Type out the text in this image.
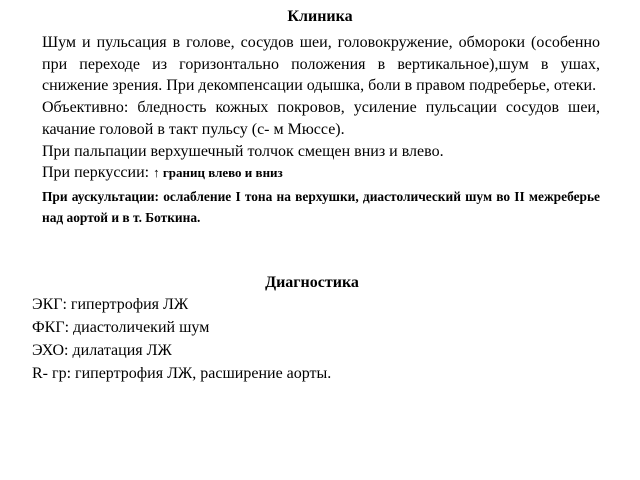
Клиника

Шум и пульсация в голове, сосудов шеи, головокружение, обмороки (особенно при переходе из горизонтально положения в вертикальное),шум в ушах, снижение зрения. При декомпенсации одышка, боли в правом подреберье, отеки.

Объективно: бледность кожных покровов, усиление пульсации сосудов шеи, качание головой в такт пульсу (с- м Мюссе).

При пальпации верхушечный толчок смещен вниз и влево.

При перкуссии: ↑ границ влево и вниз

При аускультации: ослабление I тона на верхушки, диастолический шум во II межреберье над аортой и в т. Боткина.

Диагностика
ЭКГ: гипертрофия ЛЖ
ФКГ: диастоличекий шум
ЭХО: дилатация ЛЖ
R- гр: гипертрофия ЛЖ, расширение аорты.
